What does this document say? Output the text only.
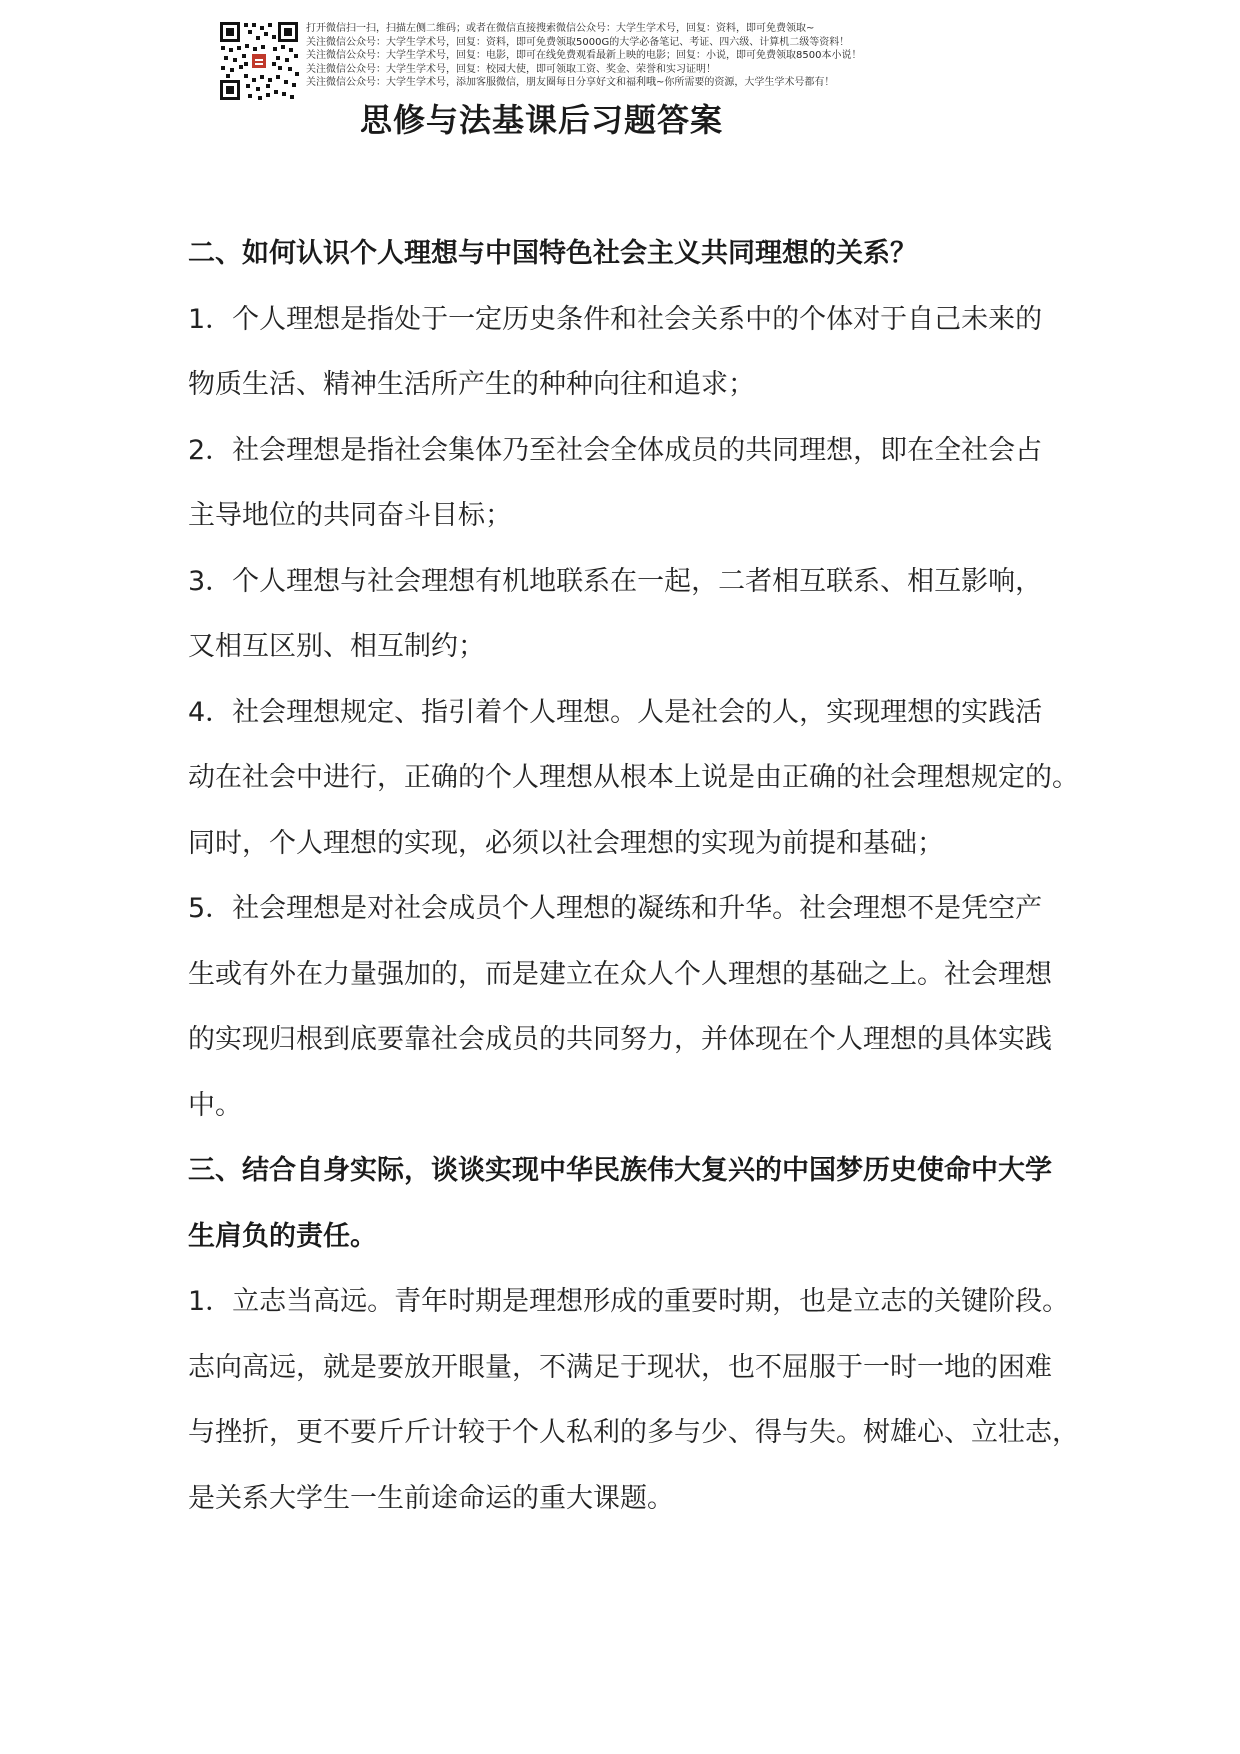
打开微信扫一扫，扫描左侧二维码；或者在微信直接搜索微信公众号：大学生学术号，回复：资料，即可免费领取~
关注微信公众号：大学生学术号，回复：资料，即可免费领取5000G的大学必备笔记、考证、四六级、计算机二级等资料！
关注微信公众号：大学生学术号，回复：电影，即可在线免费观看最新上映的电影；回复：小说，即可免费领取8500本小说！
关注微信公众号：大学生学术号，回复：校园大使，即可领取工资、奖金、荣誉和实习证明！
关注微信公众号：大学生学术号，添加客服微信，朋友圈每日分享好文和福利哦~你所需要的资源，大学生学术号都有！
思修与法基课后习题答案
二、如何认识个人理想与中国特色社会主义共同理想的关系？
1．个人理想是指处于一定历史条件和社会关系中的个体对于自己未来的
物质生活、精神生活所产生的种种向往和追求；
2．社会理想是指社会集体乃至社会全体成员的共同理想，即在全社会占
主导地位的共同奋斗目标；
3．个人理想与社会理想有机地联系在一起，二者相互联系、相互影响，
又相互区别、相互制约；
4．社会理想规定、指引着个人理想。人是社会的人，实现理想的实践活
动在社会中进行，正确的个人理想从根本上说是由正确的社会理想规定的。
同时，个人理想的实现，必须以社会理想的实现为前提和基础；
5．社会理想是对社会成员个人理想的凝练和升华。社会理想不是凭空产
生或有外在力量强加的，而是建立在众人个人理想的基础之上。社会理想
的实现归根到底要靠社会成员的共同努力，并体现在个人理想的具体实践
中。
三、结合自身实际，谈谈实现中华民族伟大复兴的中国梦历史使命中大学
生肩负的责任。
1．立志当高远。青年时期是理想形成的重要时期，也是立志的关键阶段。
志向高远，就是要放开眼量，不满足于现状，也不屈服于一时一地的困难
与挫折，更不要斤斤计较于个人私利的多与少、得与失。树雄心、立壮志，
是关系大学生一生前途命运的重大课题。
